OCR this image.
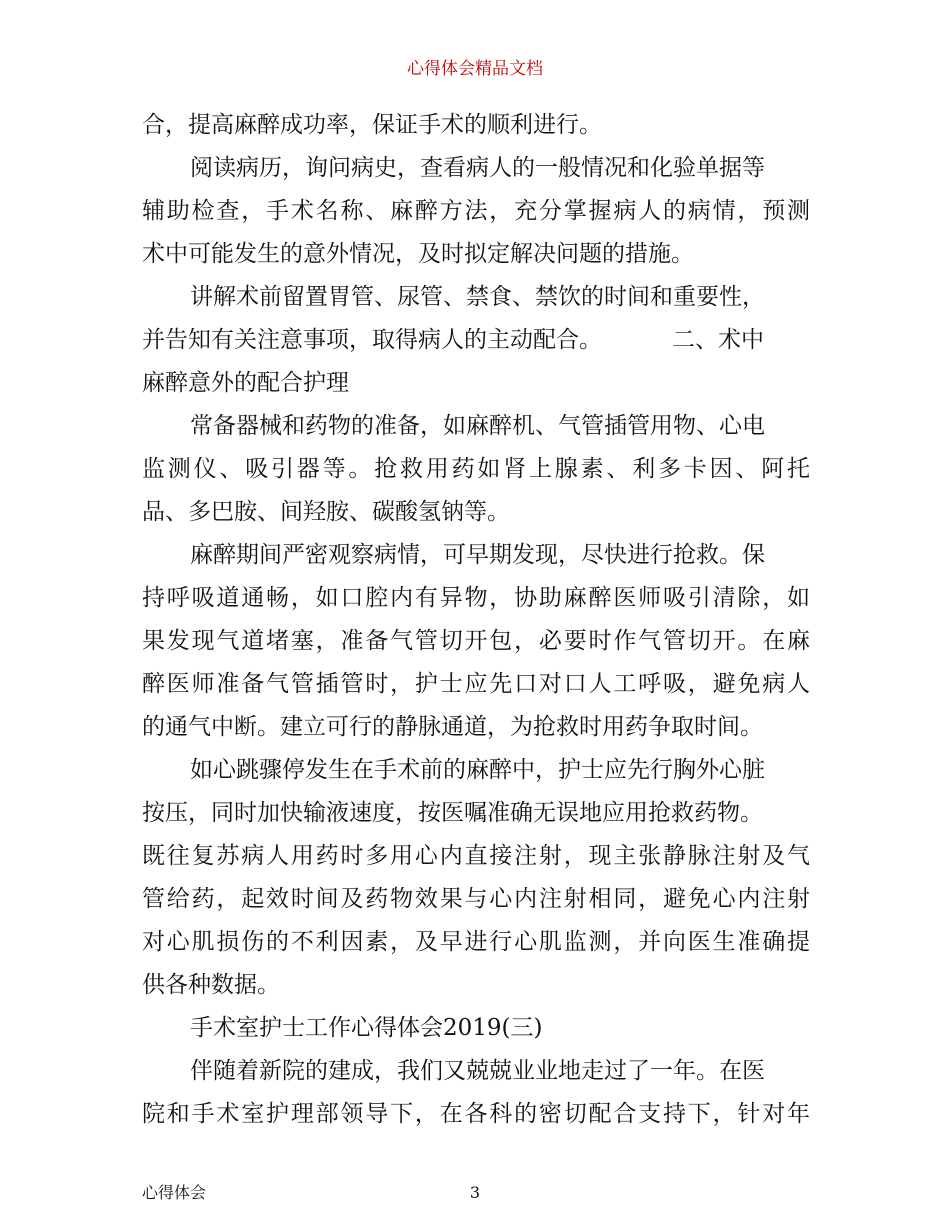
心得体会精品文档
合，提高麻醉成功率，保证手术的顺利进行。
阅读病历，询问病史，查看病人的一般情况和化验单据等
辅助检查，手术名称、麻醉方法，充分掌握病人的病情，预测
术中可能发生的意外情况，及时拟定解决问题的措施。
讲解术前留置胃管、尿管、禁食、禁饮的时间和重要性，
并告知有关注意事项，取得病人的主动配合。	二、术中
麻醉意外的配合护理
常备器械和药物的准备，如麻醉机、气管插管用物、心电
监测仪、吸引器等。抢救用药如肾上腺素、利多卡因、阿托
品、多巴胺、间羟胺、碳酸氢钠等。
麻醉期间严密观察病情，可早期发现，尽快进行抢救。保
持呼吸道通畅，如口腔内有异物，协助麻醉医师吸引清除，如
果发现气道堵塞，准备气管切开包，必要时作气管切开。在麻
醉医师准备气管插管时，护士应先口对口人工呼吸，避免病人
的通气中断。建立可行的静脉通道，为抢救时用药争取时间。
如心跳骤停发生在手术前的麻醉中，护士应先行胸外心脏
按压，同时加快输液速度，按医嘱准确无误地应用抢救药物。
既往复苏病人用药时多用心内直接注射，现主张静脉注射及气
管给药，起效时间及药物效果与心内注射相同，避免心内注射
对心肌损伤的不利因素，及早进行心肌监测，并向医生准确提
供各种数据。
手术室护士工作心得体会2019(三)
伴随着新院的建成，我们又兢兢业业地走过了一年。在医
院和手术室护理部领导下，在各科的密切配合支持下，针对年
心得体会	3
